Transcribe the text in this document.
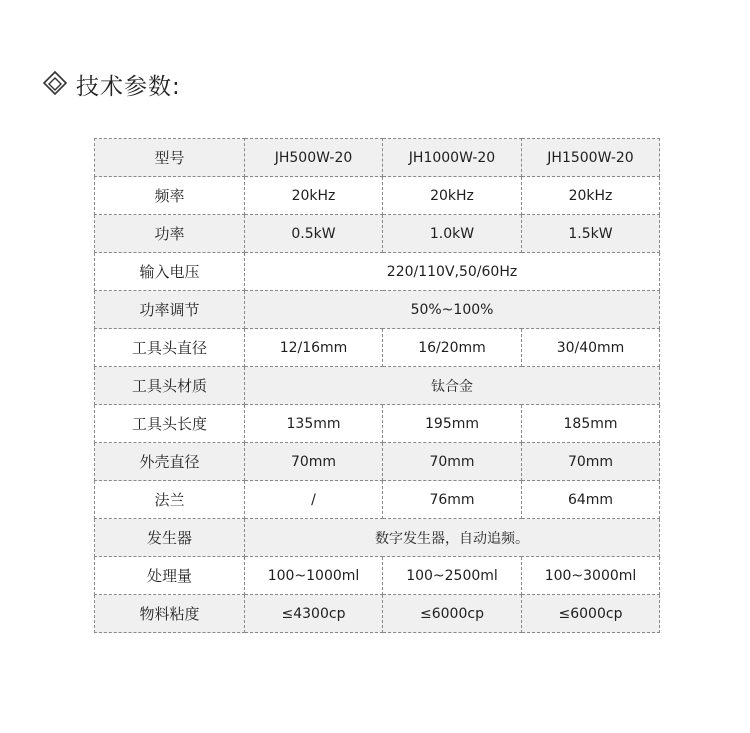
技术参数:
型号	JH500W-20	JH1000W-20	JH1500W-20
频率	20kHz	20kHz	20kHz
功率	0.5kW	1.0kW	1.5kW
输入电压	220/110V,50/60Hz		
功率调节	50%~100%		
工具头直径	12/16mm	16/20mm	30/40mm
工具头材质	钛合金		
工具头长度	135mm	195mm	185mm
外壳直径	70mm	70mm	70mm
法兰	/	76mm	64mm
发生器	数字发生器，自动追频。		
处理量	100~1000ml	100~2500ml	100~3000ml
物料粘度	≤4300cp	≤6000cp	≤6000cp
